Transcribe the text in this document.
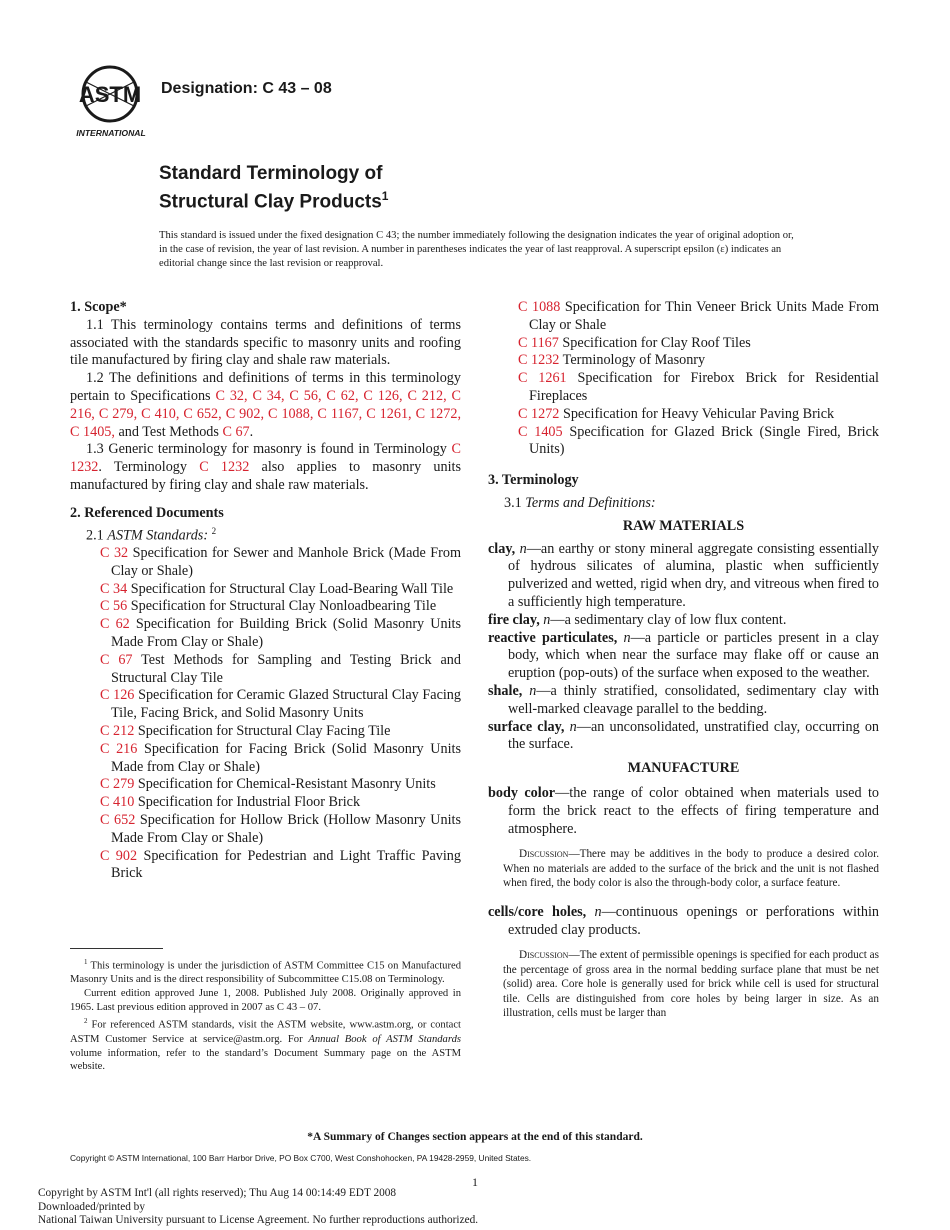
ASTM
INTERNATIONAL
Designation: C 43 – 08
Standard Terminology of
Structural Clay Products$^1$
This standard is issued under the fixed designation C 43; the number immediately following the designation indicates the year of original adoption or, in the case of revision, the year of last revision. A number in parentheses indicates the year of last reapproval. A superscript epsilon (ε) indicates an editorial change since the last revision or reapproval.

1. Scope*

1.1 This terminology contains terms and definitions of terms associated with the standards specific to masonry units and roofing tile manufactured by firing clay and shale raw materials.

1.2 The definitions and definitions of terms in this terminology pertain to Specifications C 32, C 34, C 56, C 62, C 126, C 212, C 216, C 279, C 410, C 652, C 902, C 1088, C 1167, C 1261, C 1272, C 1405, and Test Methods C 67.

1.3 Generic terminology for masonry is found in Terminology C 1232. Terminology C 1232 also applies to masonry units manufactured by firing clay and shale raw materials.

2. Referenced Documents

2.1 ASTM Standards: $^2$

C 32 Specification for Sewer and Manhole Brick (Made From Clay or Shale)

C 34 Specification for Structural Clay Load-Bearing Wall Tile

C 56 Specification for Structural Clay Nonloadbearing Tile

C 62 Specification for Building Brick (Solid Masonry Units Made From Clay or Shale)

C 67 Test Methods for Sampling and Testing Brick and Structural Clay Tile

C 126 Specification for Ceramic Glazed Structural Clay Facing Tile, Facing Brick, and Solid Masonry Units

C 212 Specification for Structural Clay Facing Tile

C 216 Specification for Facing Brick (Solid Masonry Units Made from Clay or Shale)

C 279 Specification for Chemical-Resistant Masonry Units

C 410 Specification for Industrial Floor Brick

C 652 Specification for Hollow Brick (Hollow Masonry Units Made From Clay or Shale)

C 902 Specification for Pedestrian and Light Traffic Paving Brick

C 1088 Specification for Thin Veneer Brick Units Made From Clay or Shale

C 1167 Specification for Clay Roof Tiles

C 1232 Terminology of Masonry

C 1261 Specification for Firebox Brick for Residential Fireplaces

C 1272 Specification for Heavy Vehicular Paving Brick

C 1405 Specification for Glazed Brick (Single Fired, Brick Units)

3. Terminology

3.1 Terms and Definitions:

RAW MATERIALS

clay, n—an earthy or stony mineral aggregate consisting essentially of hydrous silicates of alumina, plastic when sufficiently pulverized and wetted, rigid when dry, and vitreous when fired to a sufficiently high temperature.

fire clay, n—a sedimentary clay of low flux content.

reactive particulates, n—a particle or particles present in a clay body, which when near the surface may flake off or cause an eruption (pop-outs) of the surface when exposed to the weather.

shale, n—a thinly stratified, consolidated, sedimentary clay with well-marked cleavage parallel to the bedding.

surface clay, n—an unconsolidated, unstratified clay, occurring on the surface.

MANUFACTURE

body color—the range of color obtained when materials used to form the brick react to the effects of firing temperature and atmosphere.

Discussion—There may be additives in the body to produce a desired color. When no materials are added to the surface of the brick and the unit is not flashed when fired, the body color is also the through-body color, a surface feature.

cells/core holes, n—continuous openings or perforations within extruded clay products.

Discussion—The extent of permissible openings is specified for each product as the percentage of gross area in the normal bedding surface plane that must be net (solid) area. Core hole is generally used for brick while cell is used for structural tile. Cells are distinguished from core holes by being larger in size. As an illustration, cells must be larger than

$^1$ This terminology is under the jurisdiction of ASTM Committee C15 on Manufactured Masonry Units and is the direct responsibility of Subcommittee C15.08 on Terminology.

Current edition approved June 1, 2008. Published July 2008. Originally approved in 1965. Last previous edition approved in 2007 as C 43 – 07.

$^2$ For referenced ASTM standards, visit the ASTM website, www.astm.org, or contact ASTM Customer Service at service@astm.org. For Annual Book of ASTM Standards volume information, refer to the standard’s Document Summary page on the ASTM website.

*A Summary of Changes section appears at the end of this standard.
Copyright © ASTM International, 100 Barr Harbor Drive, PO Box C700, West Conshohocken, PA 19428-2959, United States.
1
Copyright by ASTM Int'l (all rights reserved); Thu Aug 14 00:14:49 EDT 2008
Downloaded/printed by
National Taiwan University pursuant to License Agreement. No further reproductions authorized.
